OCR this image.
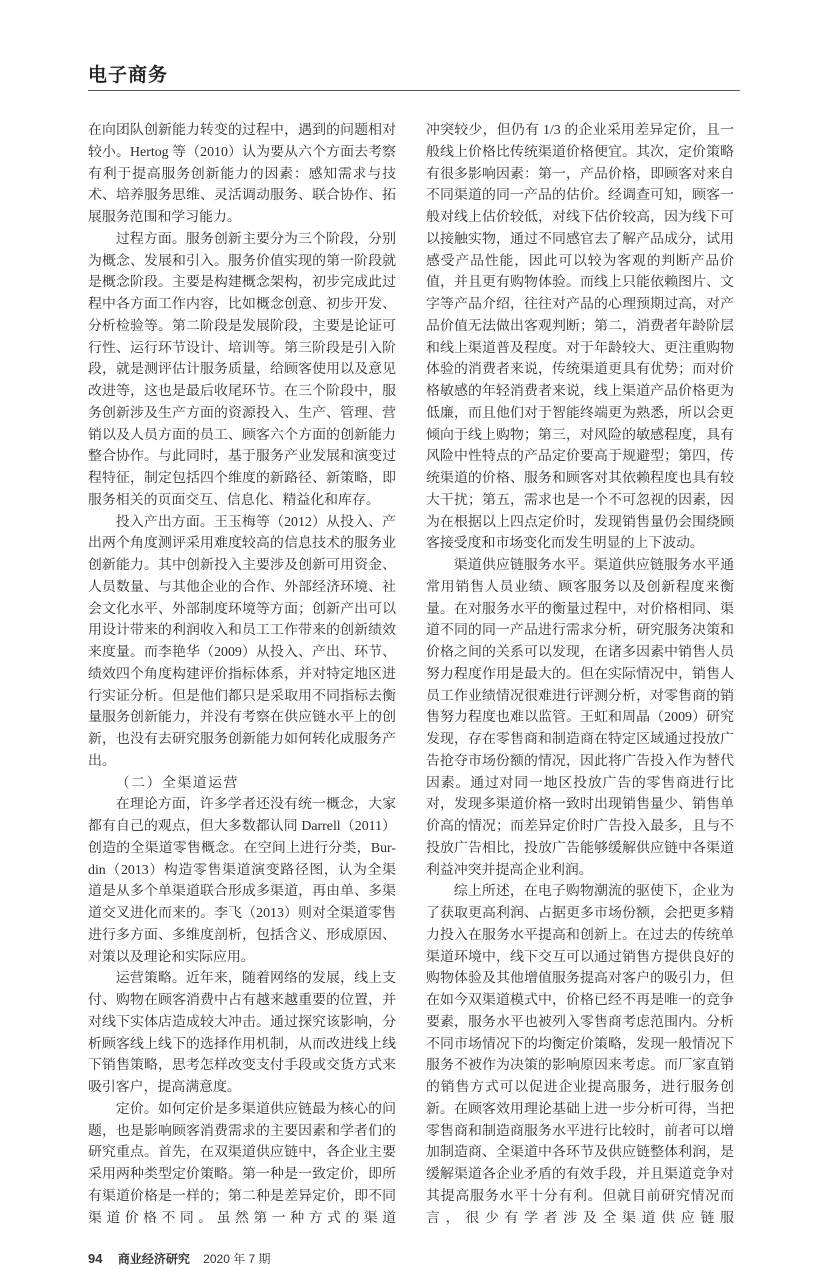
电子商务

在向团队创新能力转变的过程中，遇到的问题相对较小。Hertog 等（2010）认为要从六个方面去考察有利于提高服务创新能力的因素：感知需求与技术、培养服务思维、灵活调动服务、联合协作、拓展服务范围和学习能力。

过程方面。服务创新主要分为三个阶段，分别为概念、发展和引入。服务价值实现的第一阶段就是概念阶段。主要是构建概念架构，初步完成此过程中各方面工作内容，比如概念创意、初步开发、分析检验等。第二阶段是发展阶段，主要是论证可行性、运行环节设计、培训等。第三阶段是引入阶段，就是测评估计服务质量，给顾客使用以及意见改进等，这也是最后收尾环节。在三个阶段中，服务创新涉及生产方面的资源投入、生产、管理、营销以及人员方面的员工、顾客六个方面的创新能力整合协作。与此同时，基于服务产业发展和演变过程特征，制定包括四个维度的新路径、新策略，即服务相关的页面交互、信息化、精益化和库存。

投入产出方面。王玉梅等（2012）从投入、产出两个角度测评采用难度较高的信息技术的服务业创新能力。其中创新投入主要涉及创新可用资金、人员数量、与其他企业的合作、外部经济环境、社会文化水平、外部制度环境等方面；创新产出可以用设计带来的利润收入和员工工作带来的创新绩效来度量。而李艳华（2009）从投入、产出、环节、绩效四个角度构建评价指标体系，并对特定地区进行实证分析。但是他们都只是采取用不同指标去衡量服务创新能力，并没有考察在供应链水平上的创新，也没有去研究服务创新能力如何转化成服务产出。

（二）全渠道运营

在理论方面，许多学者还没有统一概念，大家都有自己的观点，但大多数都认同 Darrell（2011）创造的全渠道零售概念。在空间上进行分类，Bur-din（2013）构造零售渠道演变路径图，认为全渠道是从多个单渠道联合形成多渠道，再由单、多渠道交叉进化而来的。李飞（2013）则对全渠道零售进行多方面、多维度剖析，包括含义、形成原因、对策以及理论和实际应用。

运营策略。近年来，随着网络的发展，线上支付、购物在顾客消费中占有越来越重要的位置，并对线下实体店造成较大冲击。通过探究该影响，分析顾客线上线下的选择作用机制，从而改进线上线下销售策略，思考怎样改变支付手段或交货方式来吸引客户，提高满意度。

定价。如何定价是多渠道供应链最为核心的问题，也是影响顾客消费需求的主要因素和学者们的研究重点。首先，在双渠道供应链中，各企业主要采用两种类型定价策略。第一种是一致定价，即所有渠道价格是一样的；第二种是差异定价，即不同渠道价格不同。虽然第一种方式的渠道

冲突较少，但仍有 1/3 的企业采用差异定价，且一般线上价格比传统渠道价格便宜。其次，定价策略有很多影响因素：第一，产品价格，即顾客对来自不同渠道的同一产品的估价。经调查可知，顾客一般对线上估价较低，对线下估价较高，因为线下可以接触实物，通过不同感官去了解产品成分，试用感受产品性能，因此可以较为客观的判断产品价值，并且更有购物体验。而线上只能依赖图片、文字等产品介绍，往往对产品的心理预期过高，对产品价值无法做出客观判断；第二，消费者年龄阶层和线上渠道普及程度。对于年龄较大、更注重购物体验的消费者来说，传统渠道更具有优势；而对价格敏感的年轻消费者来说，线上渠道产品价格更为低廉，而且他们对于智能终端更为熟悉，所以会更倾向于线上购物；第三，对风险的敏感程度，具有风险中性特点的产品定价要高于规避型；第四，传统渠道的价格、服务和顾客对其依赖程度也具有较大干扰；第五，需求也是一个不可忽视的因素，因为在根据以上四点定价时，发现销售量仍会围绕顾客接受度和市场变化而发生明显的上下波动。

渠道供应链服务水平。渠道供应链服务水平通常用销售人员业绩、顾客服务以及创新程度来衡量。在对服务水平的衡量过程中，对价格相同、渠道不同的同一产品进行需求分析，研究服务决策和价格之间的关系可以发现，在诸多因素中销售人员努力程度作用是最大的。但在实际情况中，销售人员工作业绩情况很难进行评测分析，对零售商的销售努力程度也难以监管。王虹和周晶（2009）研究发现，存在零售商和制造商在特定区域通过投放广告抢夺市场份额的情况，因此将广告投入作为替代因素。通过对同一地区投放广告的零售商进行比对，发现多渠道价格一致时出现销售量少、销售单价高的情况；而差异定价时广告投入最多，且与不投放广告相比，投放广告能够缓解供应链中各渠道利益冲突并提高企业利润。

综上所述，在电子购物潮流的驱使下，企业为了获取更高利润、占据更多市场份额，会把更多精力投入在服务水平提高和创新上。在过去的传统单渠道环境中，线下交互可以通过销售方提供良好的购物体验及其他增值服务提高对客户的吸引力，但在如今双渠道模式中，价格已经不再是唯一的竞争要素，服务水平也被列入零售商考虑范围内。分析不同市场情况下的均衡定价策略，发现一般情况下服务不被作为决策的影响原因来考虑。而厂家直销的销售方式可以促进企业提高服务，进行服务创新。在顾客效用理论基础上进一步分析可得，当把零售商和制造商服务水平进行比较时，前者可以增加制造商、全渠道中各环节及供应链整体利润，是缓解渠道各企业矛盾的有效手段，并且渠道竞争对其提高服务水平十分有利。但就目前研究情况而言，很少有学者涉及全渠道供应链服

94 商业经济研究 2020 年 7 期
